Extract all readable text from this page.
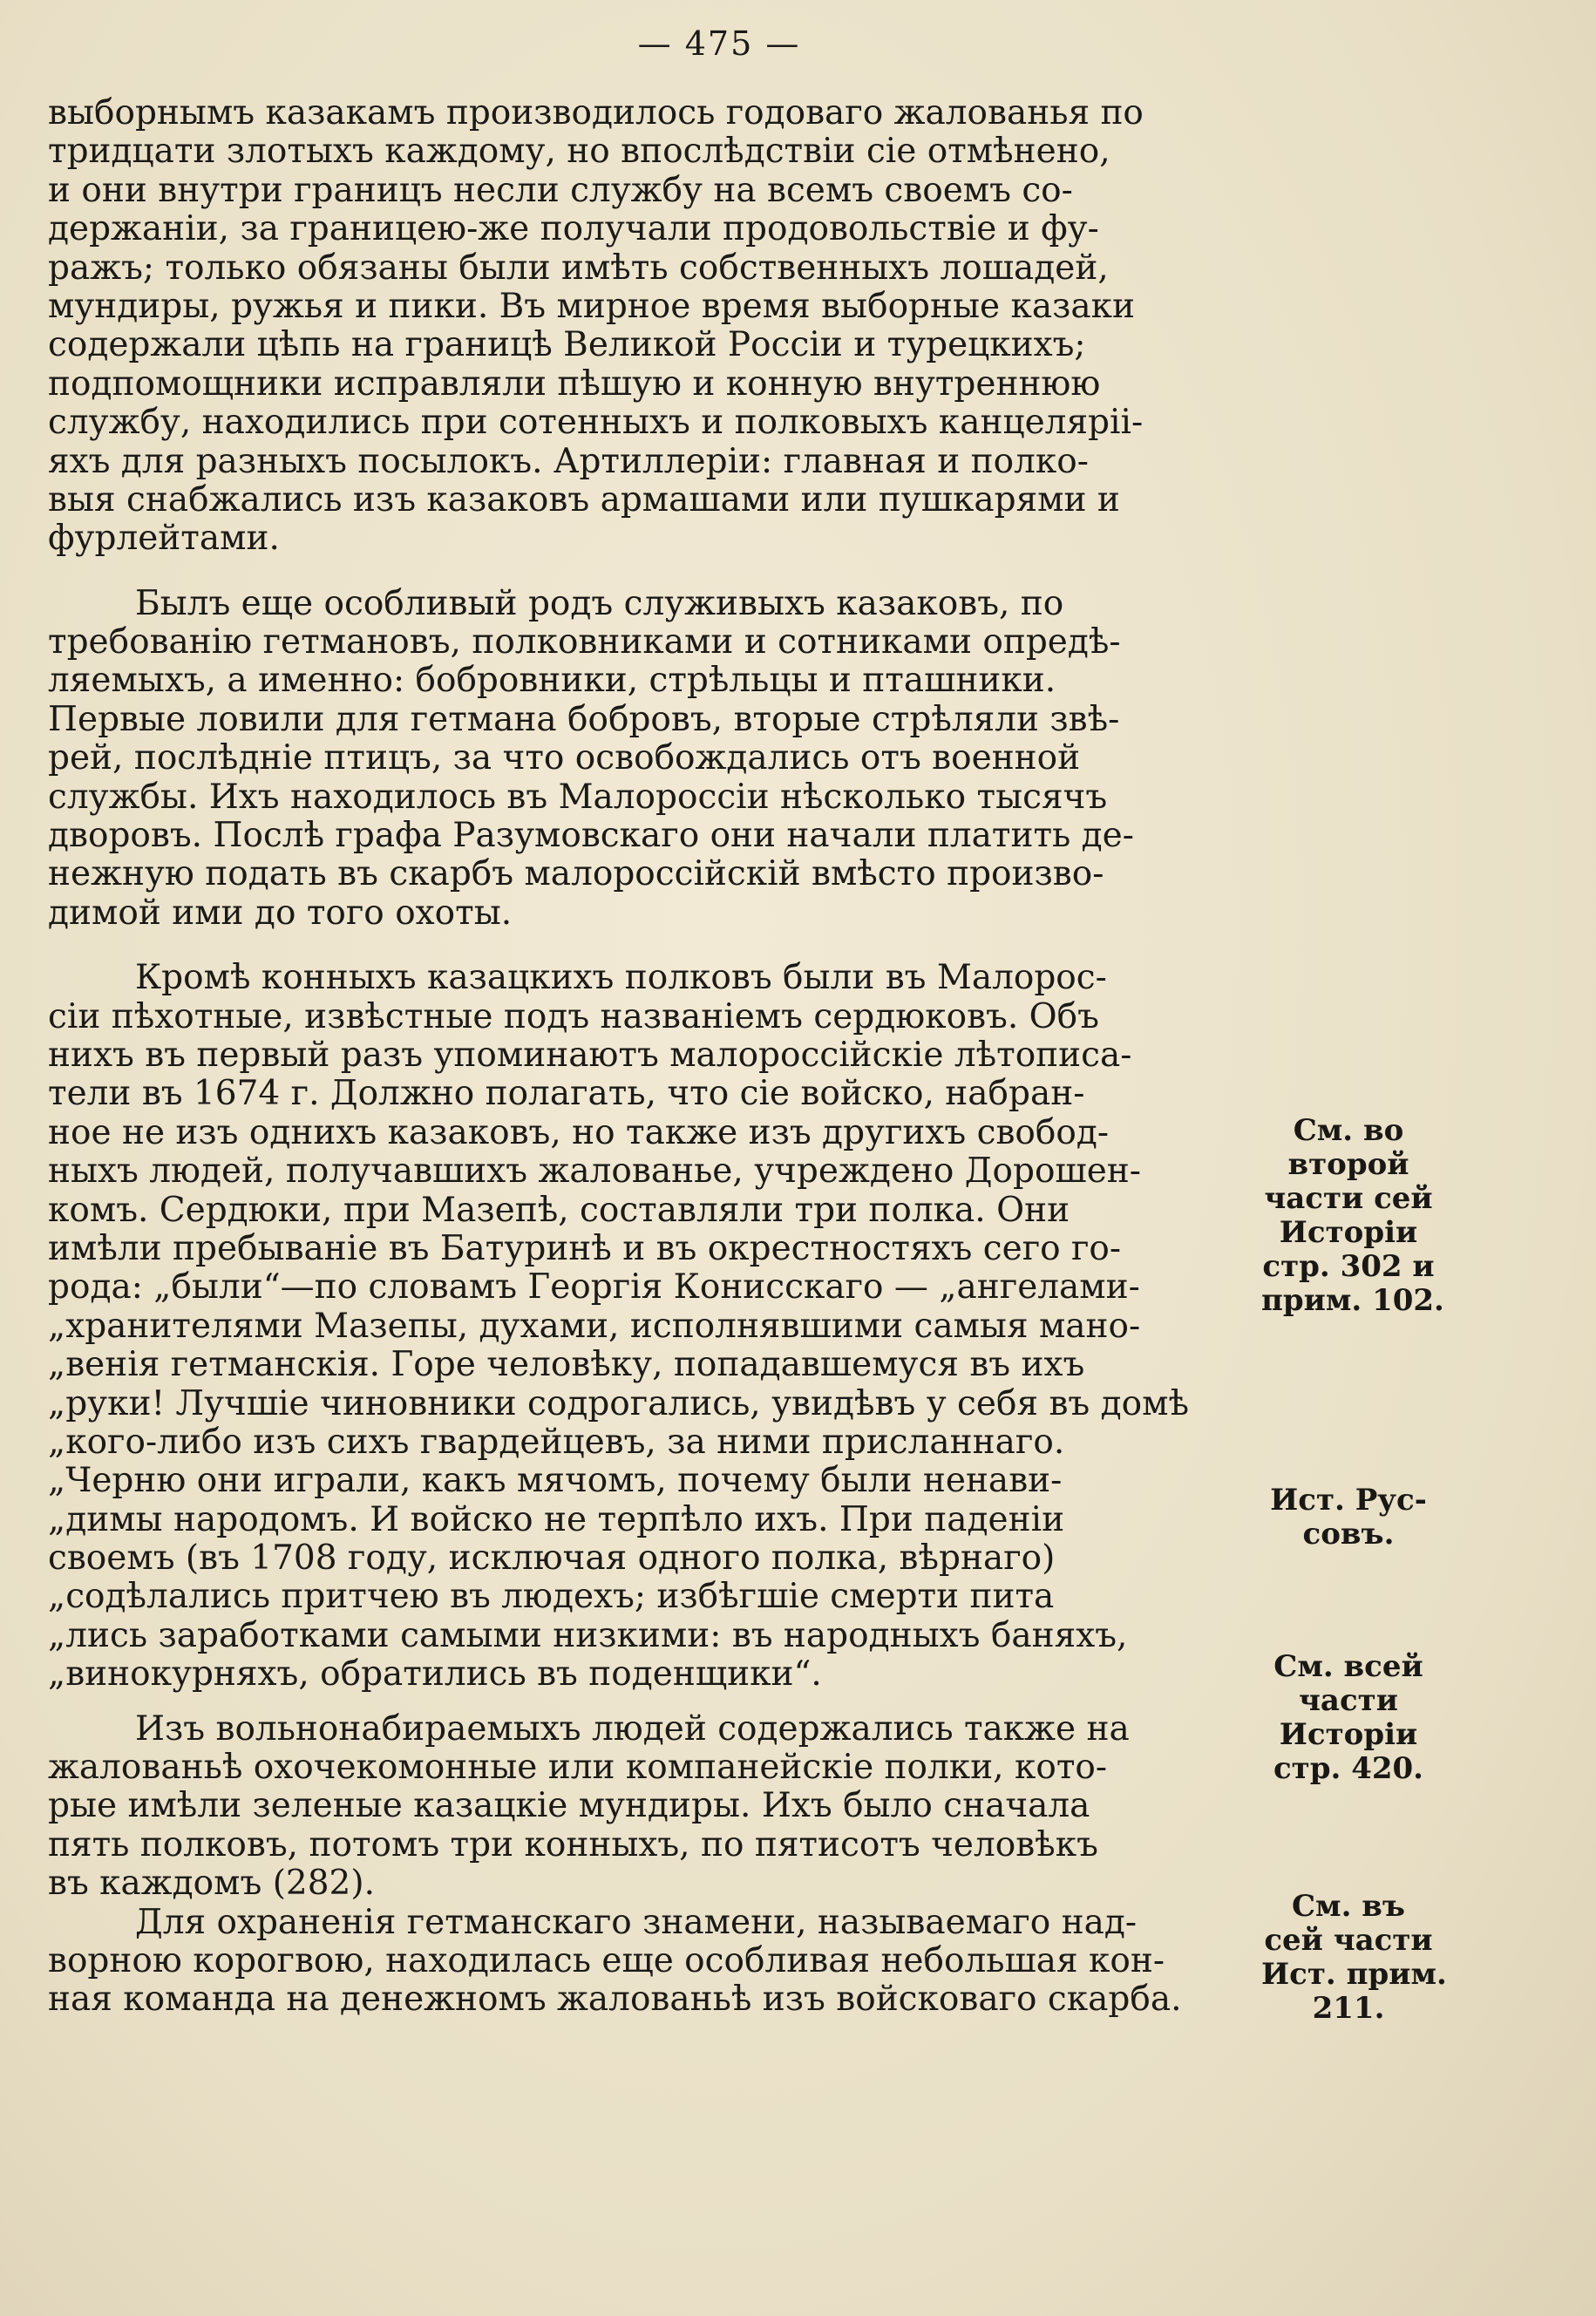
— 475 —
выборнымъ казакамъ производилось годоваго жалованья по
тридцати злотыхъ каждому, но впослѣдствіи сіе отмѣнено,
и они внутри границъ несли службу на всемъ своемъ со-
держаніи, за границею-же получали продовольствіе и фу-
ражъ; только обязаны были имѣть собственныхъ лошадей,
мундиры, ружья и пики. Въ мирное время выборные казаки
содержали цѣпь на границѣ Великой Россіи и турецкихъ;
подпомощники исправляли пѣшую и конную внутреннюю
службу, находились при сотенныхъ и полковыхъ канцеляріі-
яхъ для разныхъ посылокъ. Артиллеріи: главная и полко-
выя снабжались изъ казаковъ армашами или пушкарями и
фурлейтами.
Былъ еще особливый родъ служивыхъ казаковъ, по
требованію гетмановъ, полковниками и сотниками опредѣ-
ляемыхъ, а именно: бобровники, стрѣльцы и пташники.
Первые ловили для гетмана бобровъ, вторые стрѣляли звѣ-
рей, послѣдніе птицъ, за что освобождались отъ военной
службы. Ихъ находилось въ Малороссіи нѣсколько тысячъ
дворовъ. Послѣ графа Разумовскаго они начали платить де-
нежную подать въ скарбъ малороссійскій вмѣсто произво-
димой ими до того охоты.
Кромѣ конныхъ казацкихъ полковъ были въ Малорос-
сіи пѣхотные, извѣстные подъ названіемъ сердюковъ. Объ
нихъ въ первый разъ упоминаютъ малороссійскіе лѣтописа-
тели въ 1674 г. Должно полагать, что сіе войско, набран-
ное не изъ однихъ казаковъ, но также изъ другихъ свобод-
ныхъ людей, получавшихъ жалованье, учреждено Дорошен-
комъ. Сердюки, при Мазепѣ, составляли три полка. Они
имѣли пребываніе въ Батуринѣ и въ окрестностяхъ сего го-
рода: „были“—по словамъ Георгія Конисскаго — „ангелами-
„хранителями Мазепы, духами, исполнявшими самыя мано-
„венія гетманскія. Горе человѣку, попадавшемуся въ ихъ
„руки! Лучшіе чиновники содрогались, увидѣвъ у себя въ домѣ
„кого-либо изъ сихъ гвардейцевъ, за ними присланнаго.
„Черню они играли, какъ мячомъ, почему были ненави-
„димы народомъ. И войско не терпѣло ихъ. При паденіи
своемъ (въ 1708 году, исключая одного полка, вѣрнаго)
„содѣлались притчею въ людехъ; избѣгшіе смерти пита
„лись заработками самыми низкими: въ народныхъ баняхъ,
„винокурняхъ, обратились въ поденщики“.
Изъ вольнонабираемыхъ людей содержались также на
жалованьѣ охочекомонные или компанейскіе полки, кото-
рые имѣли зеленые казацкіе мундиры. Ихъ было сначала
пять полковъ, потомъ три конныхъ, по пятисотъ человѣкъ
въ каждомъ (282).
Для охраненія гетманскаго знамени, называемаго над-
ворною корогвою, находилась еще особливая небольшая кон-
ная команда на денежномъ жалованьѣ изъ войсковаго скарба.
См. во
второй
части сей
Исторіи
стр. 302 и
прим. 102.
Ист. Рус-
совъ.
См. всей
части
Исторіи
стр. 420.
См. въ
сей части
Ист. прим.
211.
